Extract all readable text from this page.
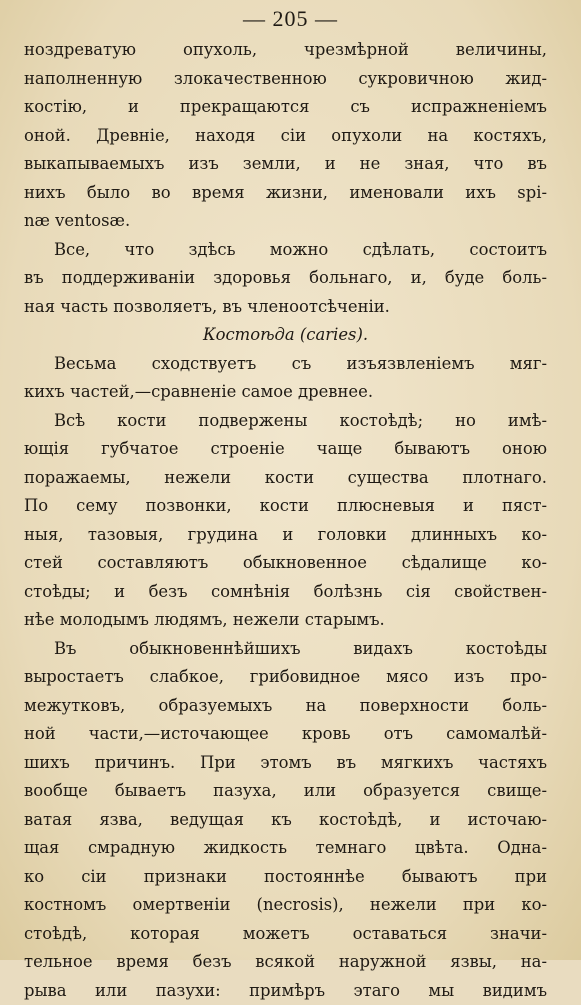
— 205 —
ноздреватую опухоль, чрезмѣрной величины,
наполненную злокачественною сукровичною жид-
костію, и прекращаются съ испражненіемъ
оной. Древніе, находя сіи опухоли на костяхъ,
выкапываемыхъ изъ земли, и не зная, что въ
нихъ было во время жизни, именовали ихъ spi-
næ ventosæ.
Все, что здѣсь можно сдѣлать, состоитъ
въ поддерживаніи здоровья больнаго, и, буде боль-
ная часть позволяетъ, въ членоотсѣченіи.
Костоѣда (caries).
Весьма сходствуетъ съ изъязвленіемъ мяг-
кихъ частей,—сравненіе самое древнее.
Всѣ кости подвержены костоѣдѣ; но имѣ-
ющія губчатое строеніе чаще бываютъ оною
поражаемы, нежели кости существа плотнаго.
По сему позвонки, кости плюсневыя и пяст-
ныя, тазовыя, грудина и головки длинныхъ ко-
стей составляютъ обыкновенное сѣдалище ко-
стоѣды; и безъ сомнѣнія болѣзнь сія свойствен-
нѣе молодымъ людямъ, нежели старымъ.
Въ обыкновеннѣйшихъ видахъ костоѣды
выростаетъ слабкое, грибовидное мясо изъ про-
межутковъ, образуемыхъ на поверхности боль-
ной части,—источающее кровь отъ самомалѣй-
шихъ причинъ. При этомъ въ мягкихъ частяхъ
вообще бываетъ пазуха, или образуется свище-
ватая язва, ведущая къ костоѣдѣ, и источаю-
щая смрадную жидкость темнаго цвѣта. Одна-
ко сіи признаки постояннѣе бываютъ при
костномъ омертвеніи (necrosis), нежели при ко-
стоѣдѣ, которая можетъ оставаться значи-
тельное время безъ всякой наружной язвы, на-
рыва или пазухи: примѣръ этаго мы видимъ
